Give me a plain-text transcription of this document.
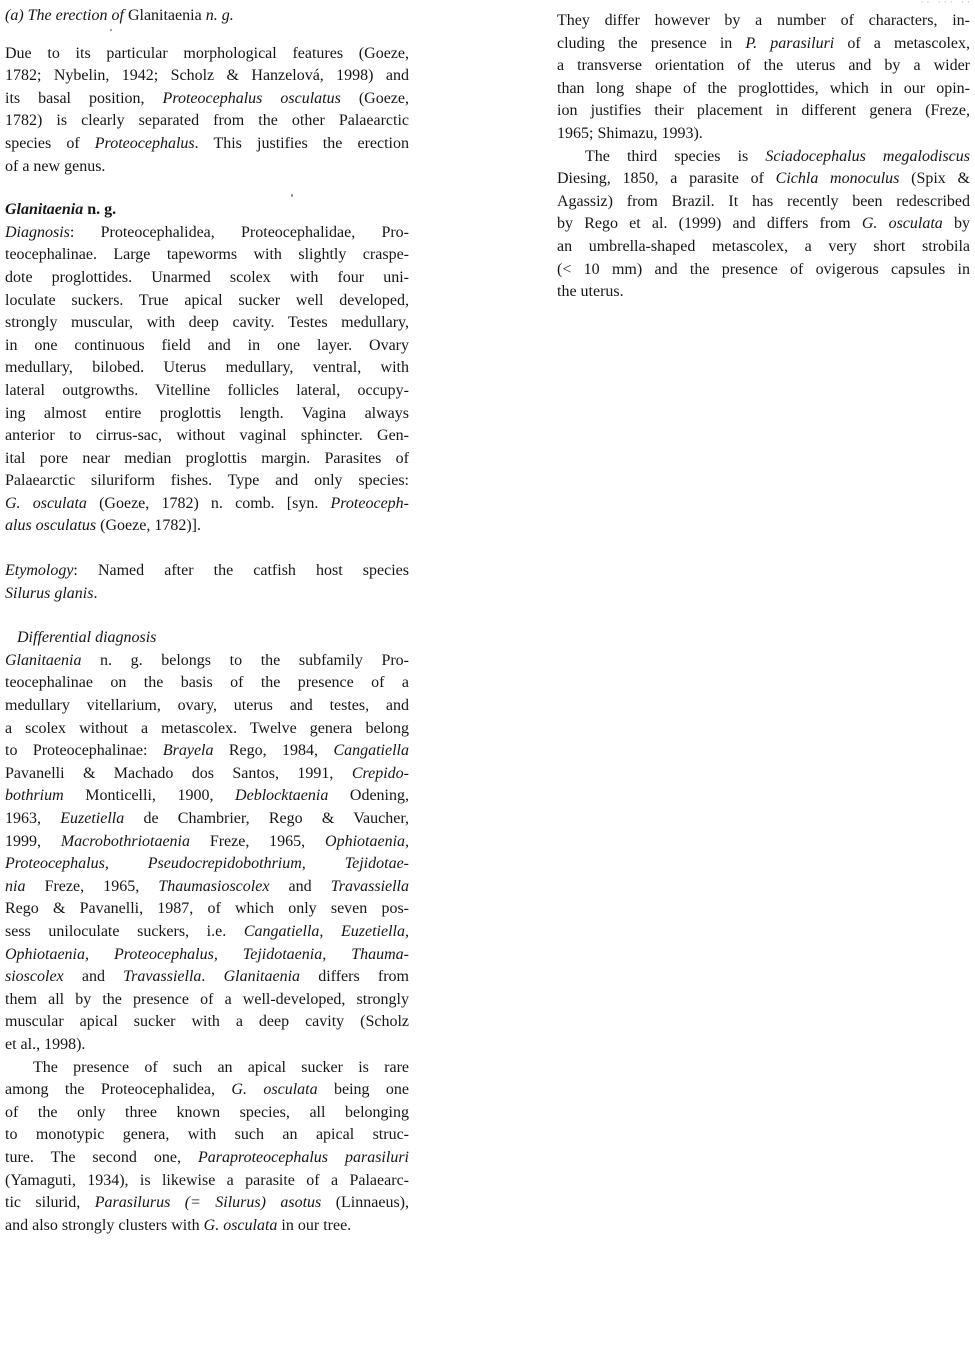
·· ··· ··
(a) The erection of Glanitaenia n. g.
Due to its particular morphological features (Goeze,
1782; Nybelin, 1942; Scholz & Hanzelová, 1998) and
its basal position, Proteocephalus osculatus (Goeze,
1782) is clearly separated from the other Palaearctic
species of Proteocephalus. This justifies the erection
of a new genus.
Glanitaenia n. g.
Diagnosis: Proteocephalidea, Proteocephalidae, Pro-
teocephalinae. Large tapeworms with slightly craspe-
dote proglottides. Unarmed scolex with four uni-
loculate suckers. True apical sucker well developed,
strongly muscular, with deep cavity. Testes medullary,
in one continuous field and in one layer. Ovary
medullary, bilobed. Uterus medullary, ventral, with
lateral outgrowths. Vitelline follicles lateral, occupy-
ing almost entire proglottis length. Vagina always
anterior to cirrus-sac, without vaginal sphincter. Gen-
ital pore near median proglottis margin. Parasites of
Palaearctic siluriform fishes. Type and only species:
G. osculata (Goeze, 1782) n. comb. [syn. Proteoceph-
alus osculatus (Goeze, 1782)].
Etymology: Named after the catfish host species
Silurus glanis.
Differential diagnosis
Glanitaenia n. g. belongs to the subfamily Pro-
teocephalinae on the basis of the presence of a
medullary vitellarium, ovary, uterus and testes, and
a scolex without a metascolex. Twelve genera belong
to Proteocephalinae: Brayela Rego, 1984, Cangatiella
Pavanelli & Machado dos Santos, 1991, Crepido-
bothrium Monticelli, 1900, Deblocktaenia Odening,
1963, Euzetiella de Chambrier, Rego & Vaucher,
1999, Macrobothriotaenia Freze, 1965, Ophiotaenia,
Proteocephalus, Pseudocrepidobothrium, Tejidotae-
nia Freze, 1965, Thaumasioscolex and Travassiella
Rego & Pavanelli, 1987, of which only seven pos-
sess uniloculate suckers, i.e. Cangatiella, Euzetiella,
Ophiotaenia, Proteocephalus, Tejidotaenia, Thauma-
sioscolex and Travassiella. Glanitaenia differs from
them all by the presence of a well-developed, strongly
muscular apical sucker with a deep cavity (Scholz
et al., 1998).
The presence of such an apical sucker is rare
among the Proteocephalidea, G. osculata being one
of the only three known species, all belonging
to monotypic genera, with such an apical struc-
ture. The second one, Paraproteocephalus parasiluri
(Yamaguti, 1934), is likewise a parasite of a Palaearc-
tic silurid, Parasilurus (= Silurus) asotus (Linnaeus),
and also strongly clusters with G. osculata in our tree.
They differ however by a number of characters, in-
cluding the presence in P. parasiluri of a metascolex,
a transverse orientation of the uterus and by a wider
than long shape of the proglottides, which in our opin-
ion justifies their placement in different genera (Freze,
1965; Shimazu, 1993).
The third species is Sciadocephalus megalodiscus
Diesing, 1850, a parasite of Cichla monoculus (Spix &
Agassiz) from Brazil. It has recently been redescribed
by Rego et al. (1999) and differs from G. osculata by
an umbrella-shaped metascolex, a very short strobila
(< 10 mm) and the presence of ovigerous capsules in
the uterus.
